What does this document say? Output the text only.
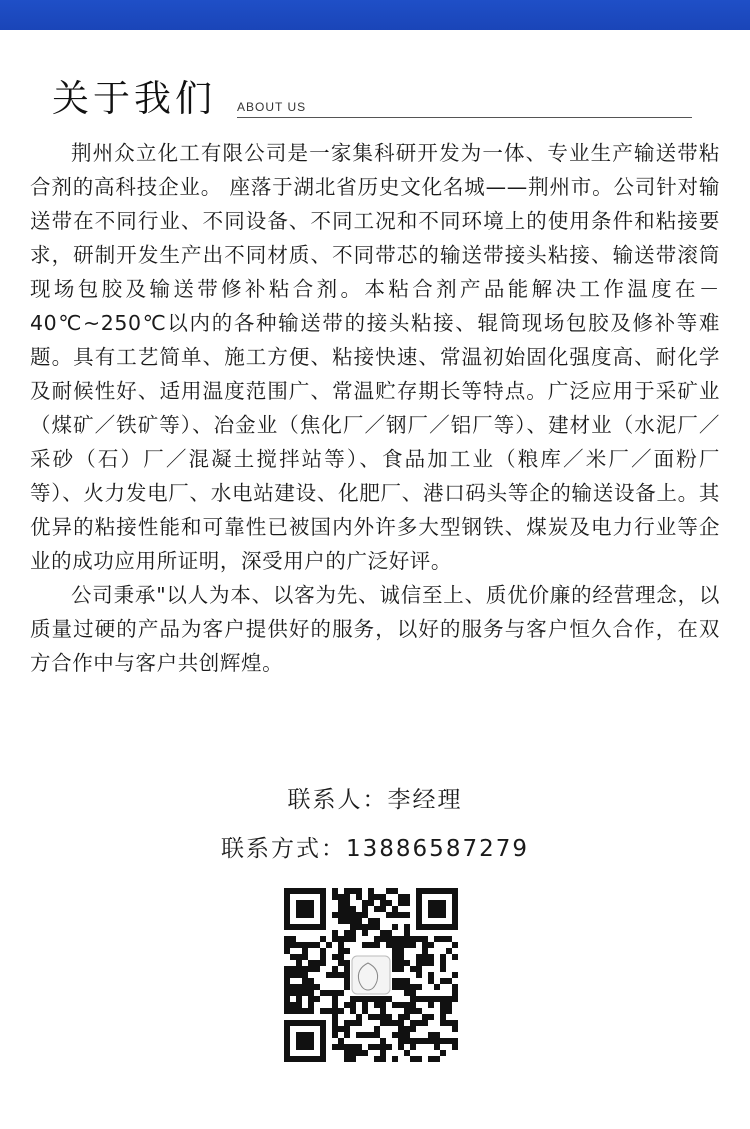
关于我们 ABOUT US

荆州众立化工有限公司是一家集科研开发为一体、专业生产输送带粘合剂的高科技企业。 座落于湖北省历史文化名城——荆州市。公司针对输送带在不同行业、不同设备、不同工况和不同环境上的使用条件和粘接要求，研制开发生产出不同材质、不同带芯的输送带接头粘接、输送带滚筒现场包胶及输送带修补粘合剂。本粘合剂产品能解决工作温度在－40℃~250℃以内的各种输送带的接头粘接、辊筒现场包胶及修补等难题。具有工艺简单、施工方便、粘接快速、常温初始固化强度高、耐化学及耐候性好、适用温度范围广、常温贮存期长等特点。广泛应用于采矿业（煤矿／铁矿等）、冶金业（焦化厂／钢厂／铝厂等）、建材业（水泥厂／采砂（石）厂／混凝土搅拌站等）、食品加工业（粮库／米厂／面粉厂等）、火力发电厂、水电站建设、化肥厂、港口码头等企的输送设备上。其优异的粘接性能和可靠性已被国内外许多大型钢铁、煤炭及电力行业等企业的成功应用所证明，深受用户的广泛好评。

公司秉承"以人为本、以客为先、诚信至上、质优价廉的经营理念，以质量过硬的产品为客户提供好的服务，以好的服务与客户恒久合作，在双方合作中与客户共创辉煌。

联系人：李经理
联系方式：13886587279
